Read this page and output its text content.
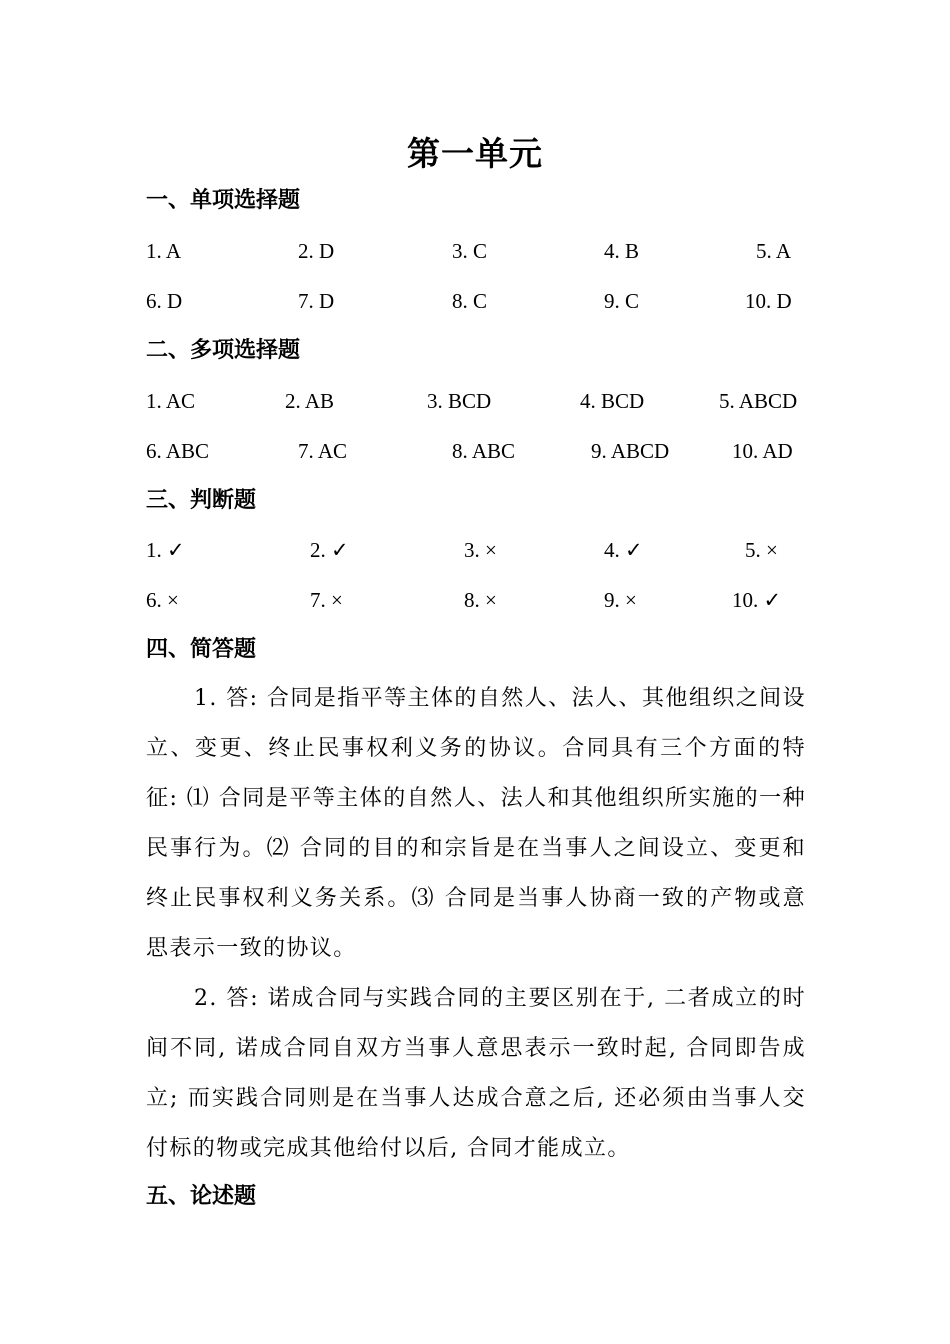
第一单元
一、单项选择题
1. A	2. D	3. C	4. B	5. A
6. D	7. D	8. C	9. C	10. D
二、多项选择题
1. AC	2. AB	3. BCD	4. BCD	5. ABCD
6. ABC	7. AC	8. ABC	9. ABCD	10. AD
三、判断题
1. ✓	2. ✓	3. ×	4. ✓	5. ×
6. ×	7. ×	8. ×	9. ×	10. ✓
四、简答题

1. 答: 合同是指平等主体的自然人、法人、其他组织之间设立、变更、终止民事权利义务的协议。合同具有三个方面的特征: ⑴ 合同是平等主体的自然人、法人和其他组织所实施的一种民事行为。⑵ 合同的目的和宗旨是在当事人之间设立、变更和终止民事权利义务关系。⑶ 合同是当事人协商一致的产物或意思表示一致的协议。

2. 答: 诺成合同与实践合同的主要区别在于, 二者成立的时间不同, 诺成合同自双方当事人意思表示一致时起, 合同即告成立; 而实践合同则是在当事人达成合意之后, 还必须由当事人交付标的物或完成其他给付以后, 合同才能成立。

五、论述题
